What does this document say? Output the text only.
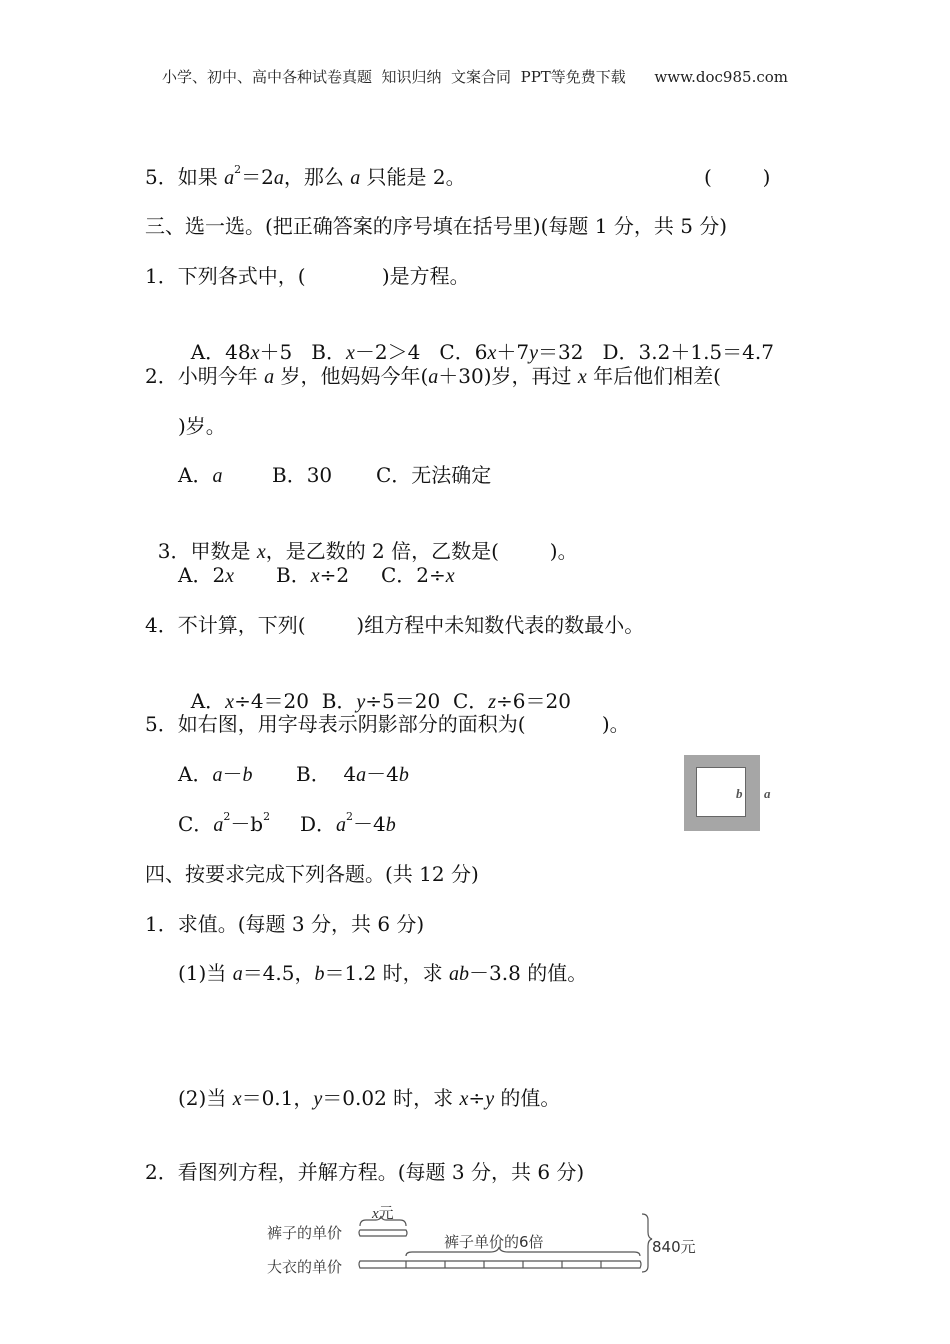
小学、初中、高中各种试卷真题  知识归纳  文案合同  PPT等免费下载      www.doc985.com
5．如果 $a^2=2a$，那么 a 只能是 2。	(        )
三、选一选。(把正确答案的序号填在括号里)(每题 1 分，共 5 分)
1．下列各式中，(            )是方程。

A．48x＋5   B．x－2＞4   C．6x＋7y＝32   D．3.2＋1.5＝4.7

2．小明今年 a 岁，他妈妈今年(a＋30)岁，再过 x 年后他们相差(
)岁。
A．a B．30 C．无法确定

3．甲数是 x，是乙数的 2 倍，乙数是(        )。

A．2x B．x÷2 C．2÷x
4．不计算，下列(        )组方程中未知数代表的数最小。

A．x÷4＝20  B．y÷5＝20  C．z÷6＝20

5．如右图，用字母表示阴影部分的面积为(            )。
A．a－b B．  4a－4b
C．$a^2-b^2$ D．$a^2-4b$
b a
四、按要求完成下列各题。(共 12 分)
1．求值。(每题 3 分，共 6 分)
(1)当 a＝4.5，b＝1.2 时，求 ab－3.8 的值。
(2)当 x＝0.1，y＝0.02 时，求 x÷y 的值。
2．看图列方程，并解方程。(每题 3 分，共 6 分)
裤子的单价
大衣的单价
x元
裤子单价的6倍	840元
